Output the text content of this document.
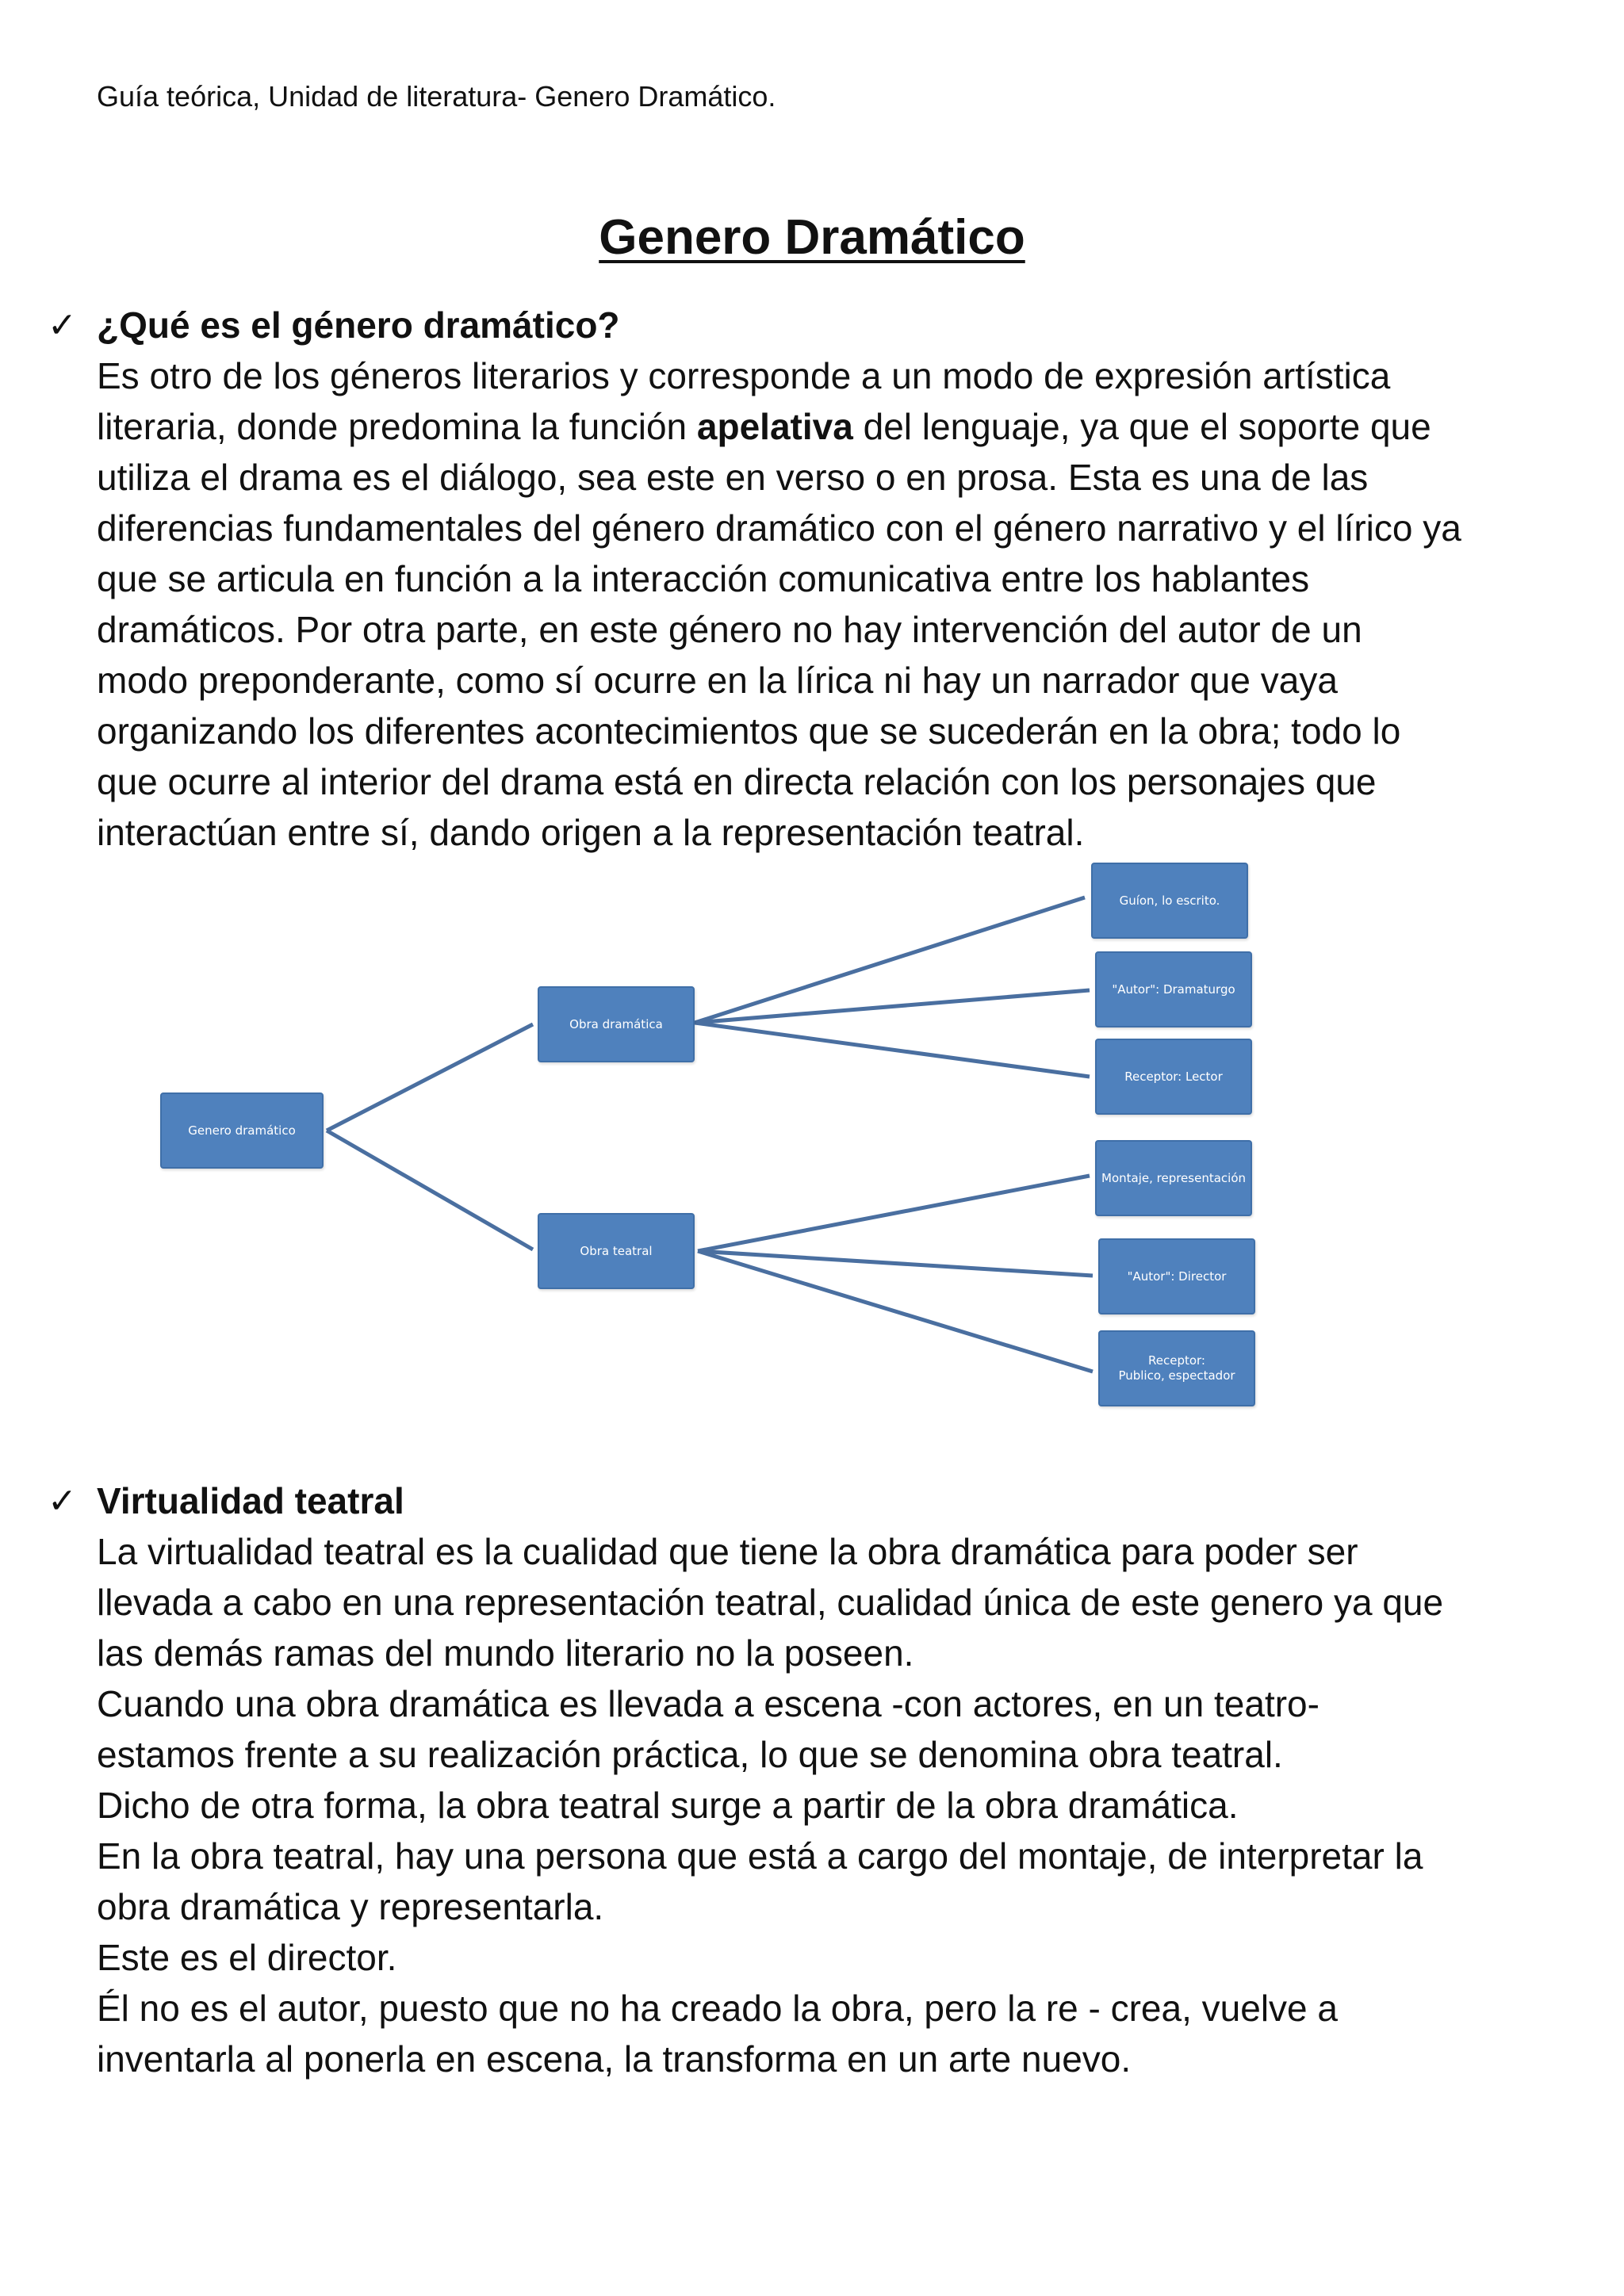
Guía teórica, Unidad de literatura- Genero Dramático.
Genero Dramático
✓ ¿Qué es el género dramático?
Es otro de los géneros literarios y corresponde a un modo de expresión artística
literaria, donde predomina la función apelativa del lenguaje, ya que el soporte que
utiliza el drama es el diálogo, sea este en verso o en prosa. Esta es una de las
diferencias fundamentales del género dramático con el género narrativo y el lírico ya
que se articula en función a la interacción comunicativa entre los hablantes
dramáticos. Por otra parte, en este género no hay intervención del autor de un
modo preponderante, como sí ocurre en la lírica ni hay un narrador que vaya
organizando los diferentes acontecimientos que se sucederán en la obra; todo lo
que ocurre al interior del drama está en directa relación con los personajes que
interactúan entre sí, dando origen a la representación teatral.
Genero dramático
Obra dramática
Obra teatral
Guíon, lo escrito.
"Autor": Dramaturgo
Receptor: Lector
Montaje, representación
"Autor": Director
Receptor:
Publico, espectador
✓ Virtualidad teatral
La virtualidad teatral es la cualidad que tiene la obra dramática para poder ser
llevada a cabo en una representación teatral, cualidad única de este genero ya que
las demás ramas del mundo literario no la poseen.
Cuando una obra dramática es llevada a escena -con actores, en un teatro-
estamos frente a su realización práctica, lo que se denomina obra teatral.
Dicho de otra forma, la obra teatral surge a partir de la obra dramática.
En la obra teatral, hay una persona que está a cargo del montaje, de interpretar la
obra dramática y representarla.
Este es el director.
Él no es el autor, puesto que no ha creado la obra, pero la re - crea, vuelve a
inventarla al ponerla en escena, la transforma en un arte nuevo.
